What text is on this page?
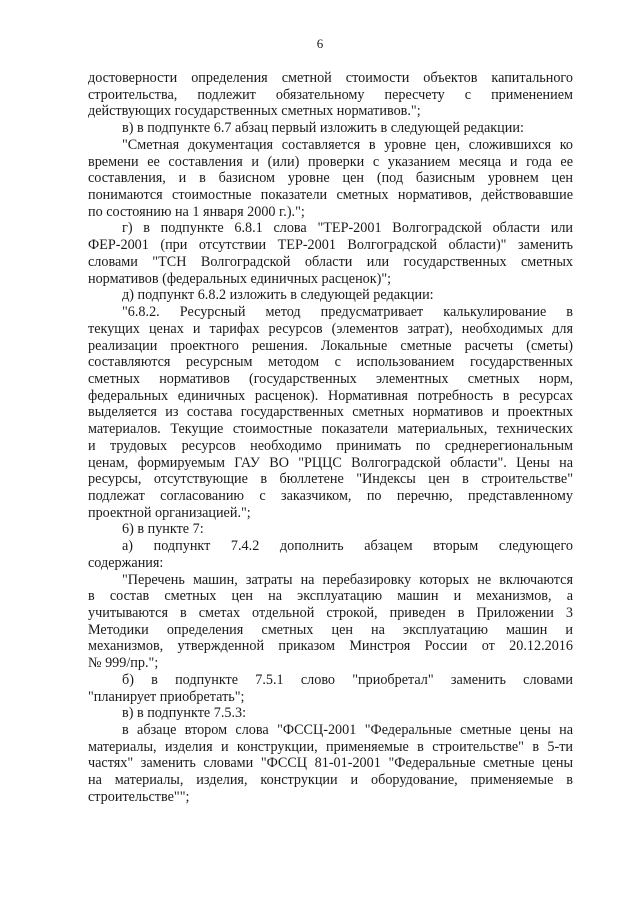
6
достоверности определения сметной стоимости объектов капитального
строительства, подлежит обязательному пересчету с применением
действующих государственных сметных нормативов.";
в) в подпункте 6.7 абзац первый изложить в следующей редакции:
"Сметная документация составляется в уровне цен, сложившихся ко
времени ее составления и (или) проверки с указанием месяца и года ее
составления, и в базисном уровне цен (под базисным уровнем цен
понимаются стоимостные показатели сметных нормативов, действовавшие
по состоянию на 1 января 2000 г.).";
г) в подпункте 6.8.1 слова "ТЕР-2001 Волгоградской области или
ФЕР-2001 (при отсутствии ТЕР-2001 Волгоградской области)" заменить
словами "ТСН Волгоградской области или государственных сметных
нормативов (федеральных единичных расценок)";
д) подпункт 6.8.2 изложить в следующей редакции:
"6.8.2. Ресурсный метод предусматривает калькулирование в
текущих ценах и тарифах ресурсов (элементов затрат), необходимых для
реализации проектного решения. Локальные сметные расчеты (сметы)
составляются ресурсным методом с использованием государственных
сметных нормативов (государственных элементных сметных норм,
федеральных единичных расценок). Нормативная потребность в ресурсах
выделяется из состава государственных сметных нормативов и проектных
материалов. Текущие стоимостные показатели материальных, технических
и трудовых ресурсов необходимо принимать по среднерегиональным
ценам, формируемым ГАУ ВО "РЦЦС Волгоградской области". Цены на
ресурсы, отсутствующие в бюллетене "Индексы цен в строительстве"
подлежат согласованию с заказчиком, по перечню, представленному
проектной организацией.";
6) в пункте 7:
а) подпункт 7.4.2 дополнить абзацем вторым следующего
содержания:
"Перечень машин, затраты на перебазировку которых не включаются
в состав сметных цен на эксплуатацию машин и механизмов, а
учитываются в сметах отдельной строкой, приведен в Приложении 3
Методики определения сметных цен на эксплуатацию машин и
механизмов, утвержденной приказом Минстроя России от 20.12.2016
№ 999/пр.";
б) в подпункте 7.5.1 слово "приобретал" заменить словами
"планирует приобретать";
в) в подпункте 7.5.3:
в абзаце втором слова "ФССЦ-2001 "Федеральные сметные цены на
материалы, изделия и конструкции, применяемые в строительстве" в 5-ти
частях" заменить словами "ФССЦ 81-01-2001 "Федеральные сметные цены
на материалы, изделия, конструкции и оборудование, применяемые в
строительстве"";
